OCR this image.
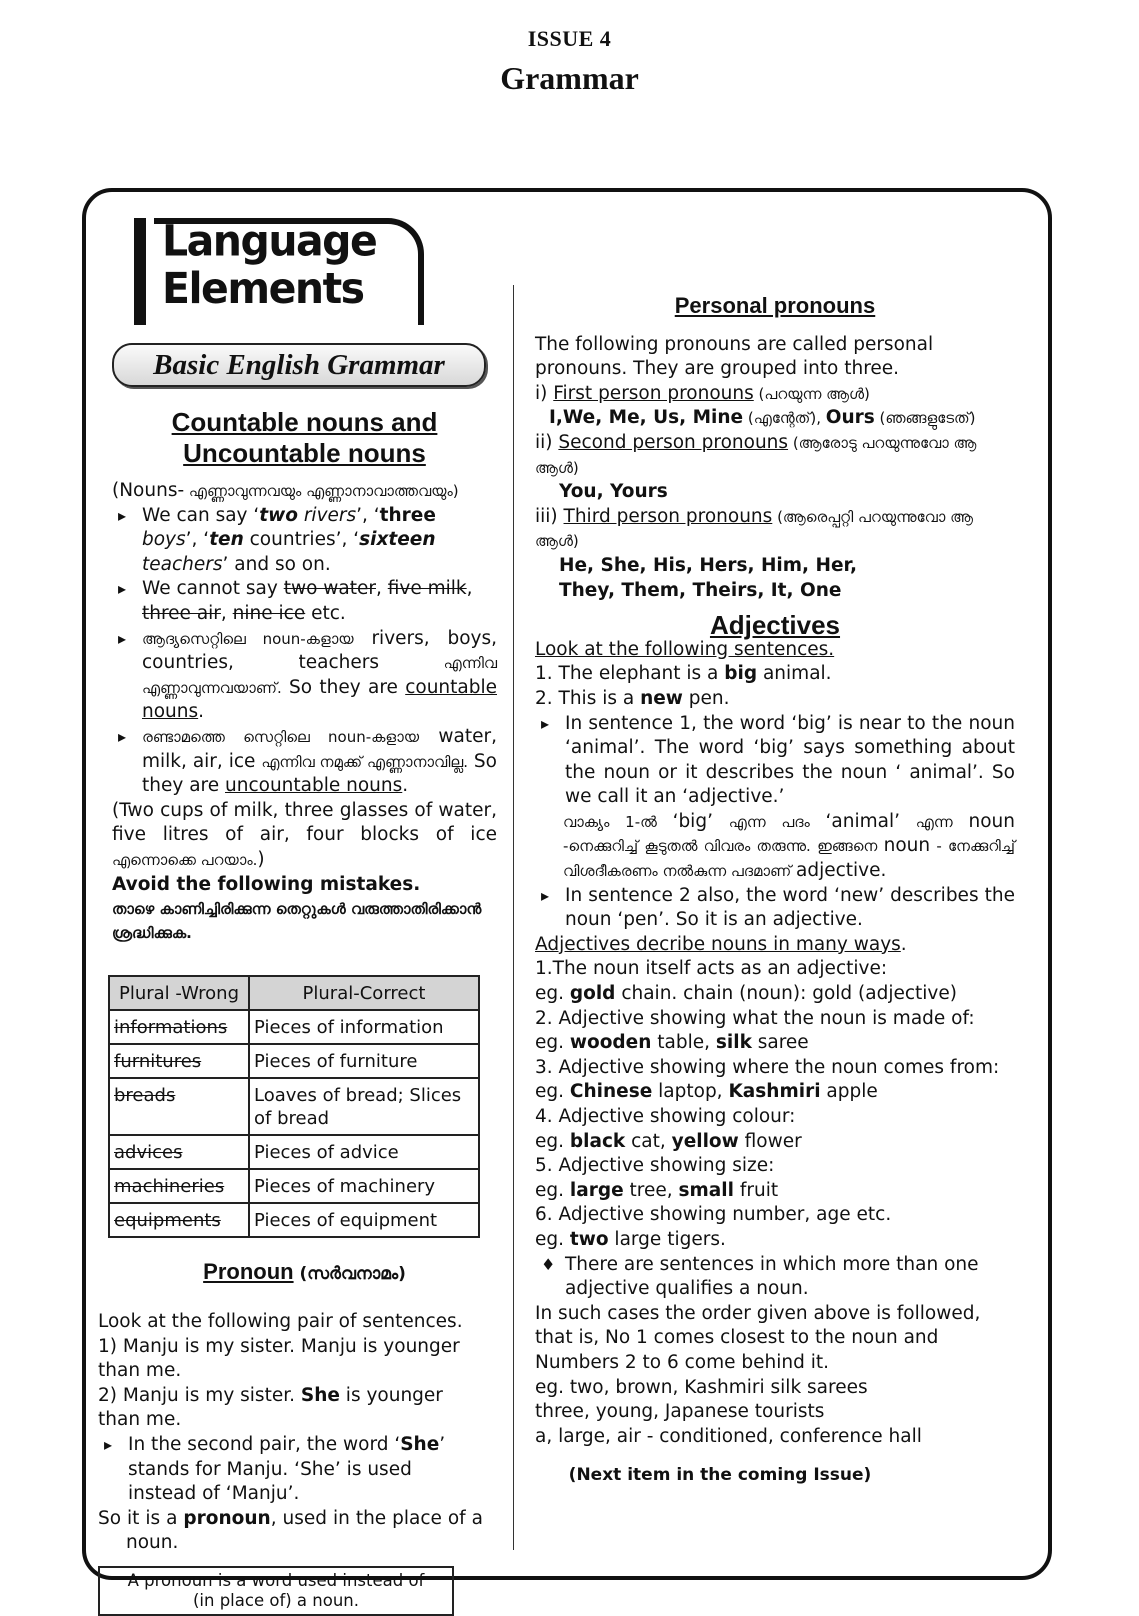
ISSUE 4
Grammar
Language
Elements
Basic English Grammar
Countable nouns and
Uncountable nouns

(Nouns- എണ്ണാവുന്നവയും എണ്ണാനാവാത്തവയും)

▸ We can say ‘two rivers’, ‘three boys’, ‘ten countries’, ‘sixteen teachers’ and so on.

▸ We cannot say two water, five milk, three air, nine ice etc.

▸ ആദ്യസെറ്റിലെ noun-കളായ rivers, boys, countries, teachers എന്നിവ എണ്ണാവുന്നവയാണ്. So they are countable nouns.

▸ രണ്ടാമത്തെ സെറ്റിലെ noun-കളായ water, milk, air, ice എന്നിവ നമുക്ക് എണ്ണാനാവില്ല. So they are uncountable nouns.

(Two cups of milk, three glasses of water, five litres of air, four blocks of ice എന്നൊക്കെ പറയാം.)

Avoid the following mistakes.

താഴെ കാണിച്ചിരിക്കുന്ന തെറ്റുകൾ വരുത്താതിരിക്കാൻ ശ്രദ്ധിക്കുക.

Plural -Wrong	Plural-Correct
informations	Pieces of information
furnitures	Pieces of furniture
breads	Loaves of bread; Slices of bread
advices	Pieces of advice
machineries	Pieces of machinery
equipments	Pieces of equipment
Pronoun (സർവനാമം)

Look at the following pair of sentences.

1) Manju is my sister. Manju is younger than me.

2) Manju is my sister. She is younger than me.

▸ In the second pair, the word ‘She’ stands for Manju. ‘She’ is used instead of ‘Manju’.

So it is a pronoun, used in the place of a noun.

A pronoun is a word used instead of
(in place of) a noun.
Personal pronouns

The following pronouns are called personal pronouns. They are grouped into three.

i) First person pronouns (പറയുന്ന ആൾ)

I,We, Me, Us, Mine (എന്റേത്), Ours (ഞങ്ങളുടേത്)

ii) Second person pronouns (ആരോടു പറയുന്നുവോ ആ ആൾ)

You, Yours

iii) Third person pronouns (ആരെപ്പറ്റി പറയുന്നുവോ ആ ആൾ)

He, She, His, Hers, Him, Her,

They, Them, Theirs, It, One

Adjectives

Look at the following sentences.

1. The elephant is a big animal.

2. This is a new pen.

▸ In sentence 1, the word ‘big’ is near to the noun ‘animal’. The word ‘big’ says something about the noun or it describes the noun ‘ animal’. So we call it an ‘adjective.’

വാക്യം 1-ൽ ‘big’ എന്ന പദം ‘animal’ എന്ന noun -നെക്കുറിച്ച് കൂടുതൽ വിവരം തരുന്നു. ഇങ്ങനെ noun - നേക്കുറിച്ച് വിശദീകരണം നൽകുന്ന പദമാണ് adjective.

▸ In sentence 2 also, the word ‘new’ describes the noun ‘pen’. So it is an adjective.

Adjectives decribe nouns in many ways.

1.The noun itself acts as an adjective:

eg. gold chain. chain (noun): gold (adjective)

2. Adjective showing what the noun is made of:

eg. wooden table, silk saree

3. Adjective showing where the noun comes from:

eg. Chinese laptop, Kashmiri apple

4. Adjective showing colour:

eg. black cat, yellow flower

5. Adjective showing size:

eg. large tree, small fruit

6. Adjective showing number, age etc.

eg. two large tigers.

♦ There are sentences in which more than one adjective qualifies a noun.

In such cases the order given above is followed, that is, No 1 comes closest to the noun and Numbers 2 to 6 come behind it.

eg. two, brown, Kashmiri silk sarees

three, young, Japanese tourists

a, large, air - conditioned, conference hall

(Next item in the coming Issue)
